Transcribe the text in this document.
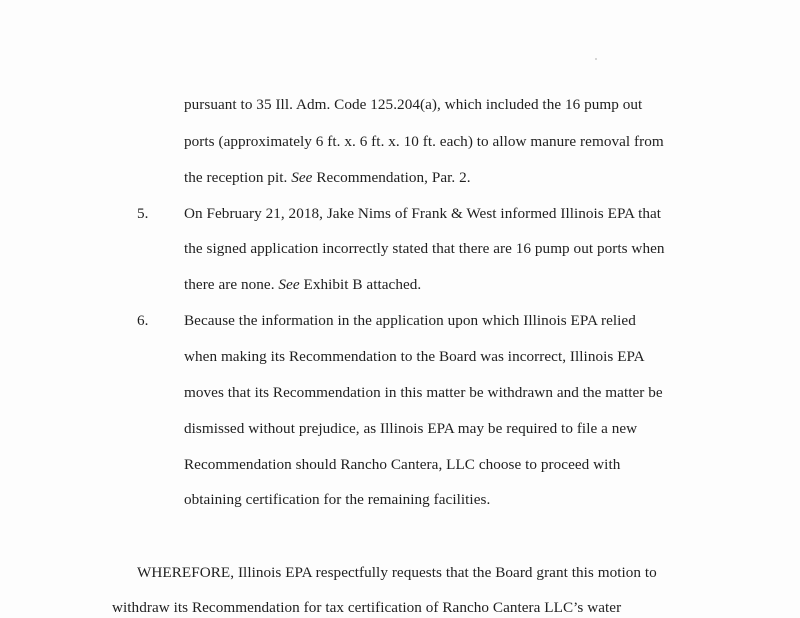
pursuant to 35 Ill. Adm. Code 125.204(a), which included the 16 pump out
ports (approximately 6 ft. x. 6 ft. x. 10 ft. each) to allow manure removal from
the reception pit. See Recommendation, Par. 2.
5. On February 21, 2018, Jake Nims of Frank & West informed Illinois EPA that
the signed application incorrectly stated that there are 16 pump out ports when
there are none. See Exhibit B attached.
6. Because the information in the application upon which Illinois EPA relied
when making its Recommendation to the Board was incorrect, Illinois EPA
moves that its Recommendation in this matter be withdrawn and the matter be
dismissed without prejudice, as Illinois EPA may be required to file a new
Recommendation should Rancho Cantera, LLC choose to proceed with
obtaining certification for the remaining facilities.
WHEREFORE, Illinois EPA respectfully requests that the Board grant this motion to
withdraw its Recommendation for tax certification of Rancho Cantera LLC’s water
